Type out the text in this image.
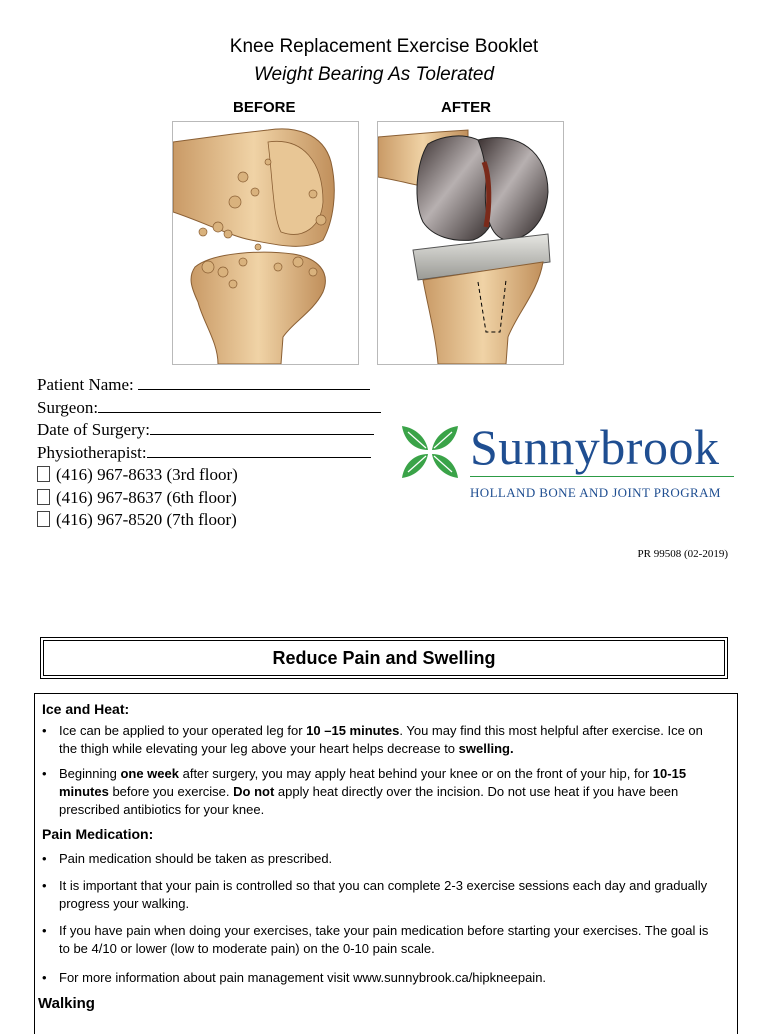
Knee Replacement Exercise Booklet
Weight Bearing As Tolerated
BEFORE	AFTER
Patient Name:
Surgeon:
Date of Surgery:
Physiotherapist:
(416) 967-8633 (3rd floor)
(416) 967-8637 (6th floor)
(416) 967-8520 (7th floor)
Sunnybrook
HOLLAND BONE AND JOINT PROGRAM
PR 99508 (02-2019)
Reduce Pain and Swelling
Ice and Heat:
• Ice can be applied to your operated leg for 10 –15 minutes. You may find this most helpful after exercise. Ice on the thigh while elevating your leg above your heart helps decrease to swelling.
• Beginning one week after surgery, you may apply heat behind your knee or on the front of your hip, for 10-15 minutes before you exercise. Do not apply heat directly over the incision. Do not use heat if you have been prescribed antibiotics for your knee.
Pain Medication:
• Pain medication should be taken as prescribed.
• It is important that your pain is controlled so that you can complete 2-3 exercise sessions each day and gradually progress your walking.
• If you have pain when doing your exercises, take your pain medication before starting your exercises. The goal is to be 4/10 or lower (low to moderate pain) on the 0-10 pain scale.
• For more information about pain management visit www.sunnybrook.ca/hipkneepain.
Walking
